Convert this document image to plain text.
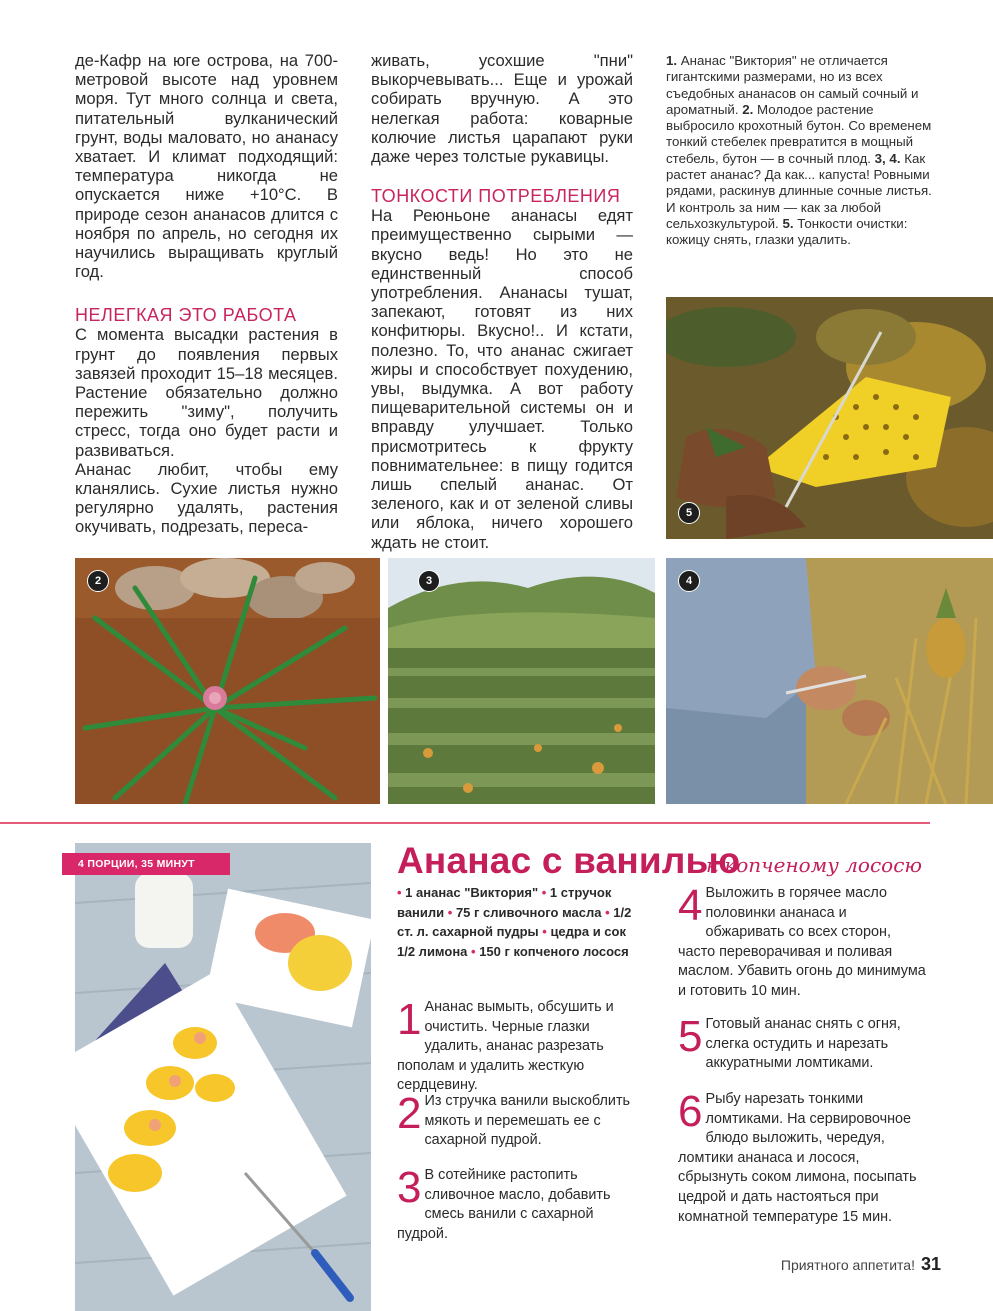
де-Кафр на юге острова, на 700-метровой высоте над уровнем моря. Тут много солнца и света, питательный вулканический грунт, воды маловато, но ананасу хватает. И климат подходящий: температура никогда не опускается ниже +10°С. В природе сезон ананасов длится с ноября по апрель, но сегодня их научились выращивать круглый год.

НЕЛЕГКАЯ ЭТО РАБОТА

С момента высадки растения в грунт до появления первых завязей проходит 15–18 месяцев. Растение обязательно должно пережить "зиму", получить стресс, тогда оно будет расти и развиваться.

Ананас любит, чтобы ему кланялись. Сухие листья нужно регулярно удалять, растения окучивать, подрезать, переса-

живать, усохшие "пни" выкорчевывать... Еще и урожай собирать вручную. А это нелегкая работа: коварные колючие листья царапают руки даже через толстые рукавицы.

ТОНКОСТИ ПОТРЕБЛЕНИЯ

На Реюньоне ананасы едят преимущественно сырыми — вкусно ведь! Но это не единственный способ употребления. Ананасы тушат, запекают, готовят из них конфитюры. Вкусно!.. И кстати, полезно. То, что ананас сжигает жиры и способствует похудению, увы, выдумка. А вот работу пищеварительной системы он и вправду улучшает. Только присмотритесь к фрукту повнимательнее: в пищу годится лишь спелый ананас. От зеленого, как и от зеленой сливы или яблока, ничего хорошего ждать не стоит.

1. Ананас "Виктория" не отличается гигантскими размерами, но из всех съедобных ананасов он самый сочный и ароматный. 2. Молодое растение выбросило крохотный бутон. Со временем тонкий стебелек превратится в мощный стебель, бутон — в сочный плод. 3, 4. Как растет ананас? Да как... капуста! Ровными рядами, раскинув длинные сочные листья. И контроль за ним — как за любой сельхозкультурой. 5. Тонкости очистки: кожицу снять, глазки удалить.
5
2	3	4
4 ПОРЦИИ, 35 МИНУТ	Ананас с ванилью
к копченому лососю
• 1 ананас "Виктория" • 1 стручок ванили • 75 г сливочного масла • 1/2 ст. л. сахарной пудры • цедра и сок 1/2 лимона • 150 г копченого лосося
1 Ананас вымыть, обсушить и очистить. Черные глазки удалить, ананас разрезать пополам и удалить жесткую сердцевину.
2 Из стручка ванили выскоблить мякоть и перемешать ее с сахарной пудрой.
3 В сотейнике растопить сливочное масло, добавить смесь ванили с сахарной пудрой.
4 Выложить в горячее масло половинки ананаса и обжаривать со всех сторон, часто переворачивая и поливая маслом. Убавить огонь до минимума и готовить 10 мин.
5 Готовый ананас снять с огня, слегка остудить и нарезать аккуратными ломтиками.
6 Рыбу нарезать тонкими ломтиками. На сервировочное блюдо выложить, чередуя, ломтики ананаса и лосося, сбрызнуть соком лимона, посыпать цедрой и дать настояться при комнатной температуре 15 мин.
Приятного аппетита! 31
